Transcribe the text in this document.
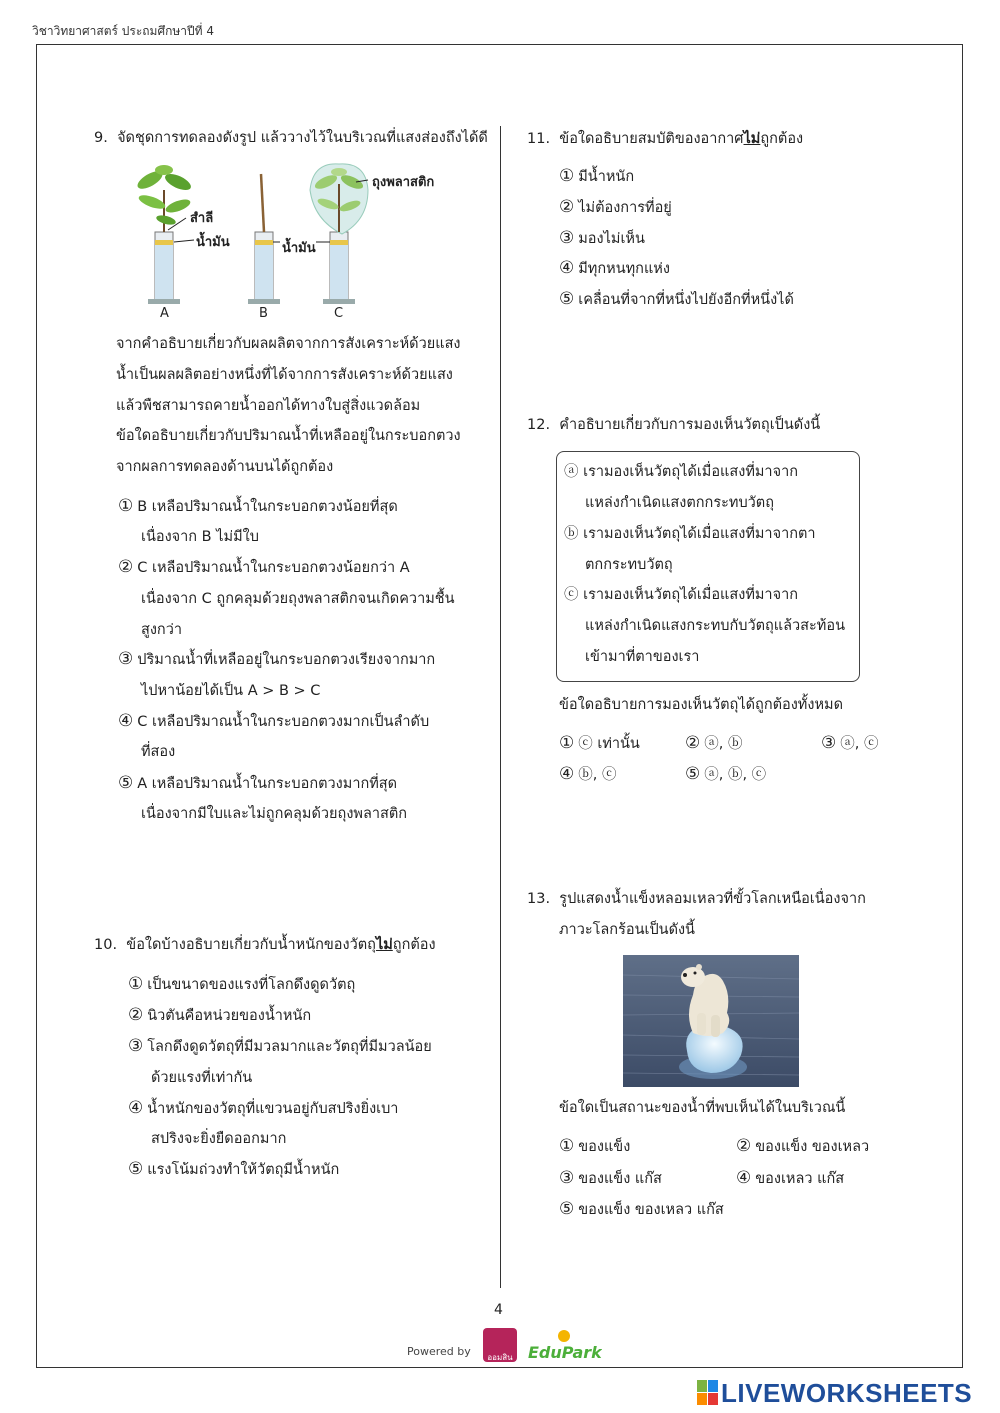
วิชาวิทยาศาสตร์ ประถมศึกษาปีที่ 4
9. จัดชุดการทดลองดังรูป แล้ววางไว้ในบริเวณที่แสงส่องถึงได้ดี
สำลี
น้ำมัน	น้ำมัน
ถุงพลาสติก
A	B	C
จากคำอธิบายเกี่ยวกับผลผลิตจากการสังเคราะห์ด้วยแสง
น้ำเป็นผลผลิตอย่างหนึ่งที่ได้จากการสังเคราะห์ด้วยแสง
แล้วพืชสามารถคายน้ำออกได้ทางใบสู่สิ่งแวดล้อม
ข้อใดอธิบายเกี่ยวกับปริมาณน้ำที่เหลืออยู่ในกระบอกตวง
จากผลการทดลองด้านบนได้ถูกต้อง
① B เหลือปริมาณน้ำในกระบอกตวงน้อยที่สุด
เนื่องจาก B ไม่มีใบ
② C เหลือปริมาณน้ำในกระบอกตวงน้อยกว่า A
เนื่องจาก C ถูกคลุมด้วยถุงพลาสติกจนเกิดความชื้น
สูงกว่า
③ ปริมาณน้ำที่เหลืออยู่ในกระบอกตวงเรียงจากมาก
ไปหาน้อยได้เป็น A > B > C
④ C เหลือปริมาณน้ำในกระบอกตวงมากเป็นลำดับ
ที่สอง
⑤ A เหลือปริมาณน้ำในกระบอกตวงมากที่สุด
เนื่องจากมีใบและไม่ถูกคลุมด้วยถุงพลาสติก
10. ข้อใดบ้างอธิบายเกี่ยวกับน้ำหนักของวัตถุไม่ถูกต้อง
① เป็นขนาดของแรงที่โลกดึงดูดวัตถุ
② นิวตันคือหน่วยของน้ำหนัก
③ โลกดึงดูดวัตถุที่มีมวลมากและวัตถุที่มีมวลน้อย
ด้วยแรงที่เท่ากัน
④ น้ำหนักของวัตถุที่แขวนอยู่กับสปริงยิ่งเบา
สปริงจะยิ่งยืดออกมาก
⑤ แรงโน้มถ่วงทำให้วัตถุมีน้ำหนัก
11. ข้อใดอธิบายสมบัติของอากาศไม่ถูกต้อง
① มีน้ำหนัก
② ไม่ต้องการที่อยู่
③ มองไม่เห็น
④ มีทุกหนทุกแห่ง
⑤ เคลื่อนที่จากที่หนึ่งไปยังอีกที่หนึ่งได้
12. คำอธิบายเกี่ยวกับการมองเห็นวัตถุเป็นดังนี้
ⓐ เรามองเห็นวัตถุได้เมื่อแสงที่มาจาก
แหล่งกำเนิดแสงตกกระทบวัตถุ
ⓑ เรามองเห็นวัตถุได้เมื่อแสงที่มาจากตา
ตกกระทบวัตถุ
ⓒ เรามองเห็นวัตถุได้เมื่อแสงที่มาจาก
แหล่งกำเนิดแสงกระทบกับวัตถุแล้วสะท้อน
เข้ามาที่ตาของเรา
ข้อใดอธิบายการมองเห็นวัตถุได้ถูกต้องทั้งหมด
① ⓒ เท่านั้น	② ⓐ, ⓑ	③ ⓐ, ⓒ
④ ⓑ, ⓒ	⑤ ⓐ, ⓑ, ⓒ
13. รูปแสดงน้ำแข็งหลอมเหลวที่ขั้วโลกเหนือเนื่องจาก
ภาวะโลกร้อนเป็นดังนี้
ข้อใดเป็นสถานะของน้ำที่พบเห็นได้ในบริเวณนี้
① ของแข็ง	② ของแข็ง ของเหลว
③ ของแข็ง แก๊ส	④ ของเหลว แก๊ส
⑤ ของแข็ง ของเหลว แก๊ส
4
Powered by	ออมสิน EduPark
LIVEWORKSHEETS
